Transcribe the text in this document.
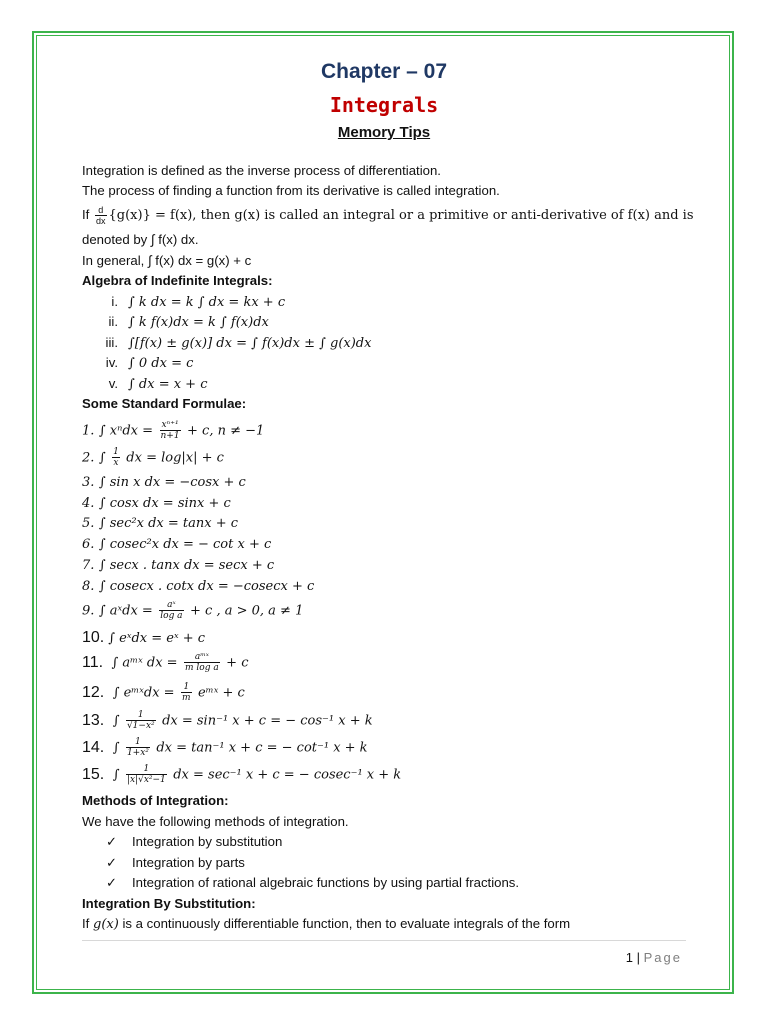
Chapter – 07
Integrals
Memory Tips
Integration is defined as the inverse process of differentiation.
The process of finding a function from its derivative is called integration.
If $\frac{d}{dx} \{g(x)\} = f(x)$, then g(x) is called an integral or a primitive or anti-derivative of f(x) and is
denoted by ∫ f(x) dx.
In general, ∫ f(x) dx = g(x) + c
Algebra of Indefinite Integrals:
i. ∫ k dx = k ∫ dx = kx + c
ii. ∫ k f(x)dx = k ∫ f(x)dx
iii. ∫[f(x) ± g(x)] dx = ∫ f(x)dx ± ∫ g(x)dx
iv. ∫ 0 dx = c
v. ∫ dx = x + c
Some Standard Formulae:
1. ∫ $x^ndx = \frac{\text{xⁿ⁺¹}}{n+1} + c$, n ≠ −1
2. ∫ $\frac{1}{x}$ dx = log|x| + c
3. ∫ sin x dx = −cosx + c
4. ∫ cosx dx = sinx + c
5. ∫ sec²x dx = tanx + c
6. ∫ cosec²x dx = − cot x + c
7. ∫ secx . tanx dx = secx + c
8. ∫ cosecx . cotx dx = −cosecx + c
9. ∫ aˣdx = $\frac{\text{aˣ}}{\text{log a}} + c$ , a > 0, a ≠ 1
10. ∫ eˣdx = eˣ + c
11. ∫ aᵐˣ dx = $\frac{\text{aᵐˣ}}{\text{m log a}} + c$
12. ∫ eᵐˣdx = $\frac{1}{m}$ eᵐˣ + c
13. ∫ $\frac{1}{\text{√1−x²}}$ dx = sin⁻¹ x + c = − cos⁻¹ x + k
14. ∫ $\frac{1}{\text{1+x²}}$ dx = tan⁻¹ x + c = − cot⁻¹ x + k
15. ∫ $\frac{1}{\text{|x|√x²−1}}$ dx = sec⁻¹ x + c = − cosec⁻¹ x + k
Methods of Integration:
We have the following methods of integration.
✓ Integration by substitution
✓ Integration by parts
✓ Integration of rational algebraic functions by using partial fractions.
Integration By Substitution:
If g(x) is a continuously differentiable function, then to evaluate integrals of the form
1 | Page
